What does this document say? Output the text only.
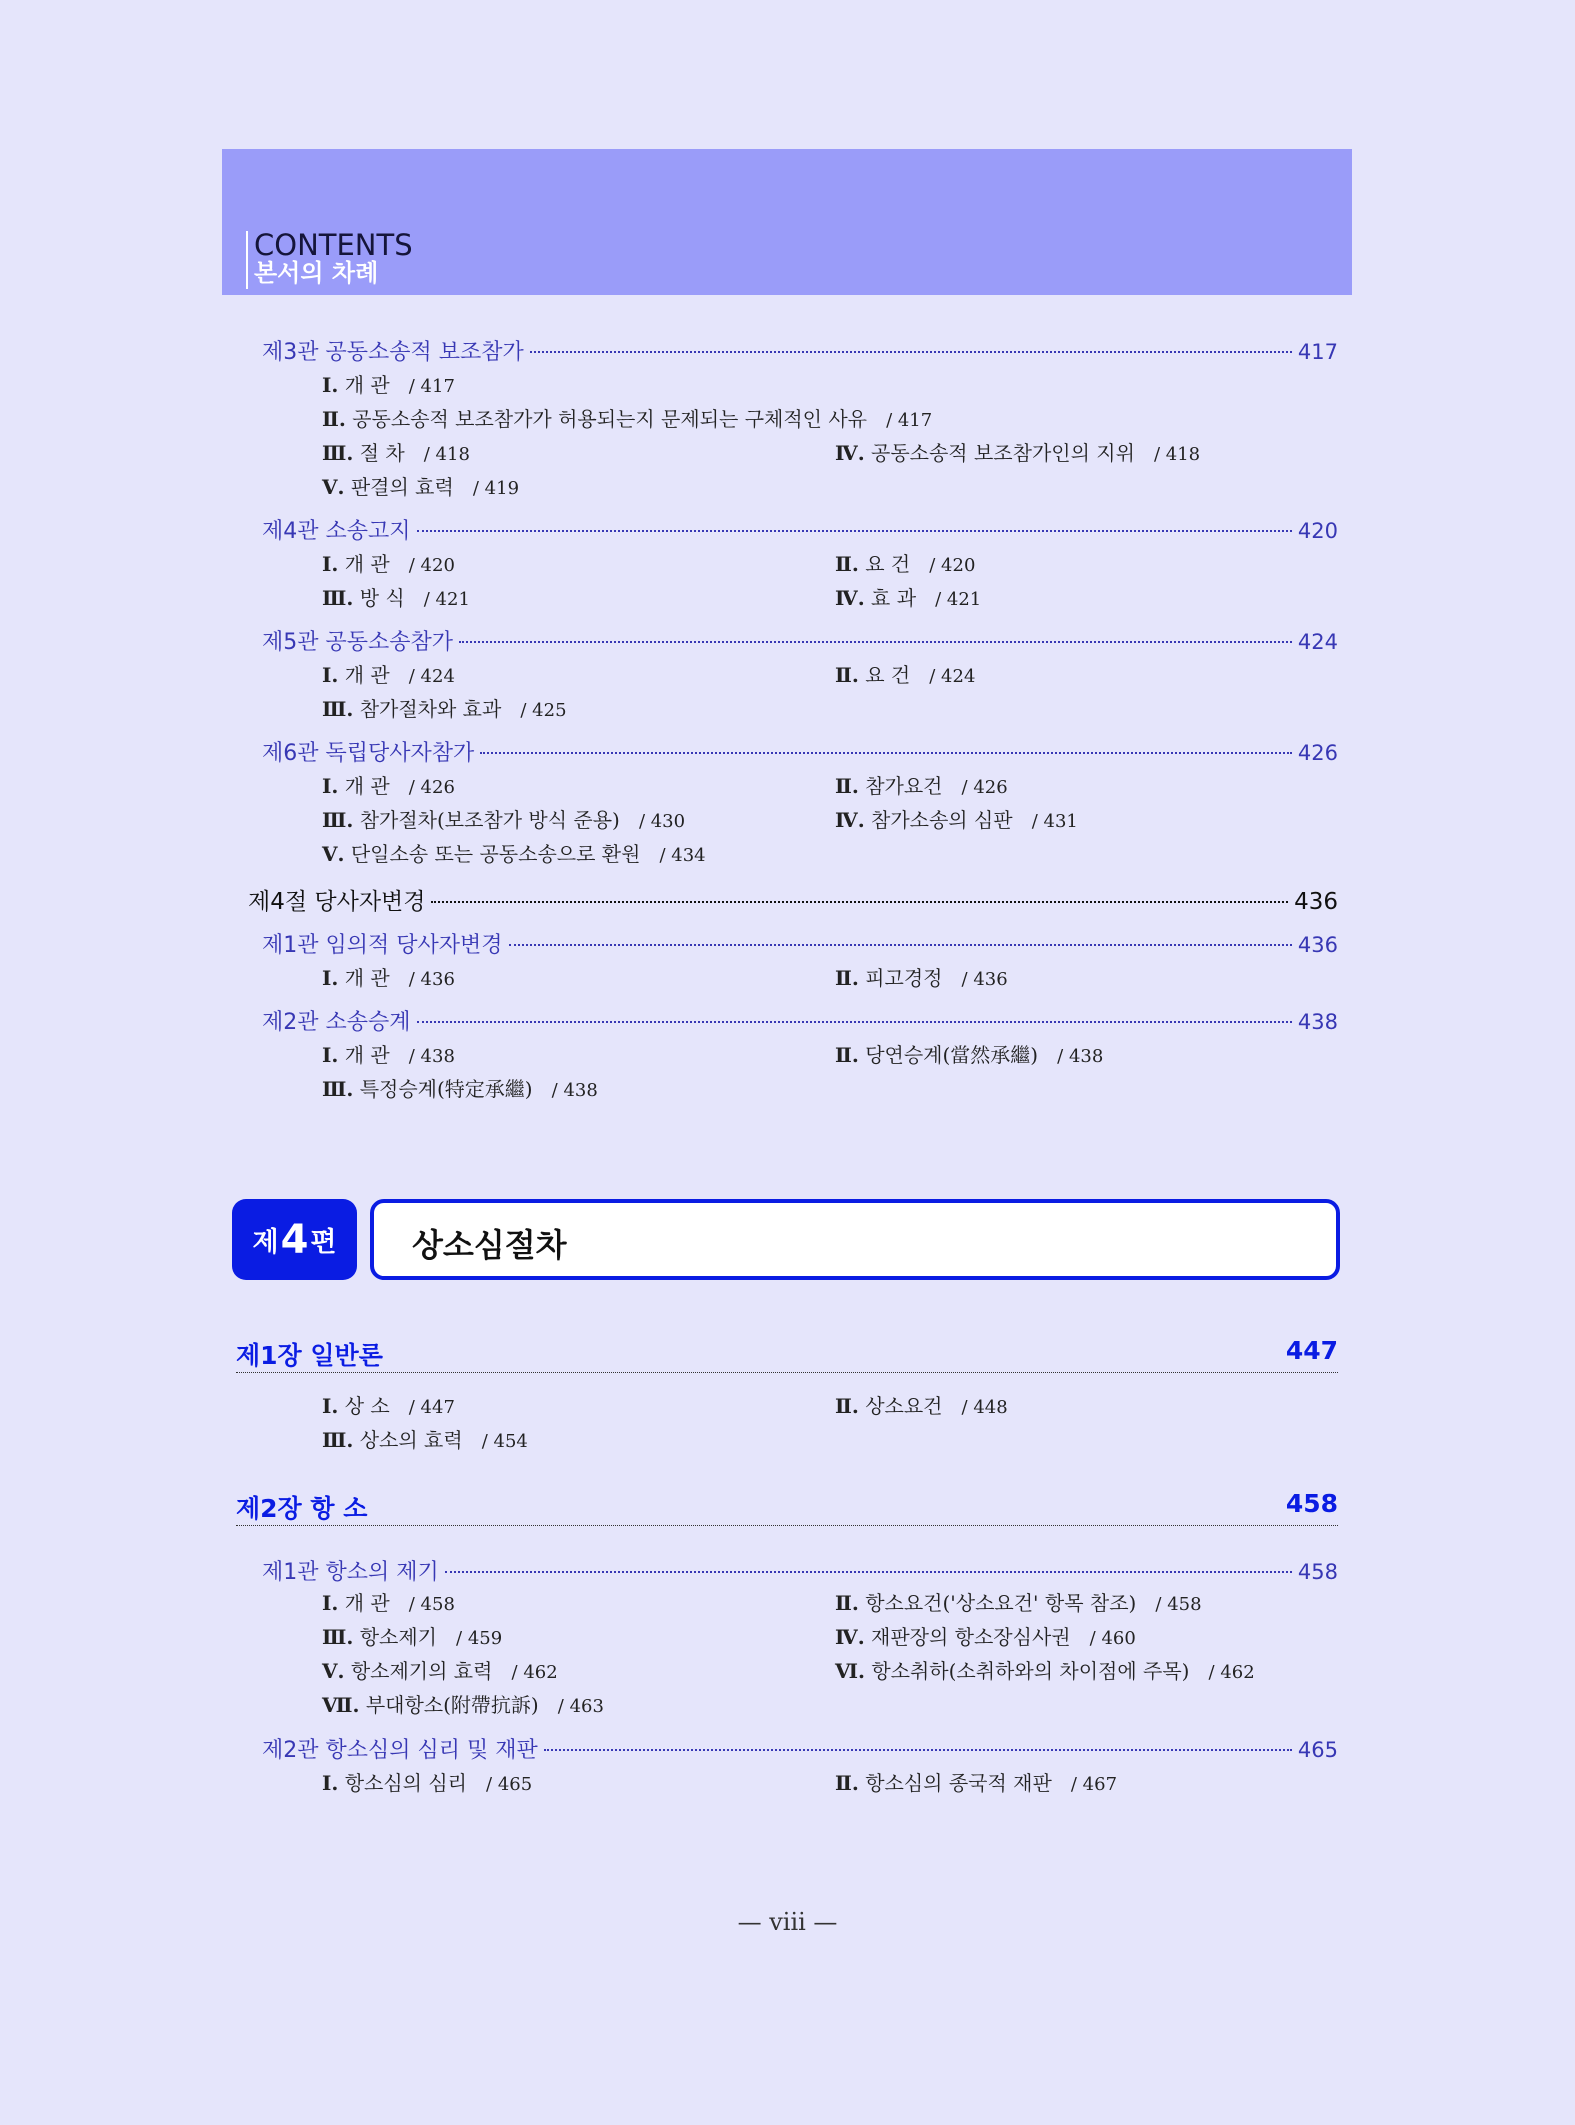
CONTENTS
본서의 차례
제3관 공동소송적 보조참가	417
Ⅰ. 개 관 / 417
Ⅱ. 공동소송적 보조참가가 허용되는지 문제되는 구체적인 사유 / 417
Ⅲ. 절 차 / 418	Ⅳ. 공동소송적 보조참가인의 지위 / 418
Ⅴ. 판결의 효력 / 419
제4관 소송고지	420
Ⅰ. 개 관 / 420	Ⅱ. 요 건 / 420
Ⅲ. 방 식 / 421	Ⅳ. 효 과 / 421
제5관 공동소송참가	424
Ⅰ. 개 관 / 424	Ⅱ. 요 건 / 424
Ⅲ. 참가절차와 효과 / 425
제6관 독립당사자참가	426
Ⅰ. 개 관 / 426	Ⅱ. 참가요건 / 426
Ⅲ. 참가절차(보조참가 방식 준용) / 430	Ⅳ. 참가소송의 심판 / 431
Ⅴ. 단일소송 또는 공동소송으로 환원 / 434
제4절 당사자변경	436
제1관 임의적 당사자변경	436
Ⅰ. 개 관 / 436	Ⅱ. 피고경정 / 436
제2관 소송승계	438
Ⅰ. 개 관 / 438	Ⅱ. 당연승계(當然承繼) / 438
Ⅲ. 특정승계(特定承繼) / 438
제 4 편 상소심절차
제1장 일반론	447
Ⅰ. 상 소 / 447	Ⅱ. 상소요건 / 448
Ⅲ. 상소의 효력 / 454
제2장 항 소	458
제1관 항소의 제기	458
Ⅰ. 개 관 / 458	Ⅱ. 항소요건('상소요건' 항목 참조) / 458
Ⅲ. 항소제기 / 459	Ⅳ. 재판장의 항소장심사권 / 460
Ⅴ. 항소제기의 효력 / 462	Ⅵ. 항소취하(소취하와의 차이점에 주목) / 462
Ⅶ. 부대항소(附帶抗訴) / 463
제2관 항소심의 심리 및 재판	465
Ⅰ. 항소심의 심리 / 465	Ⅱ. 항소심의 종국적 재판 / 467
— viii —
